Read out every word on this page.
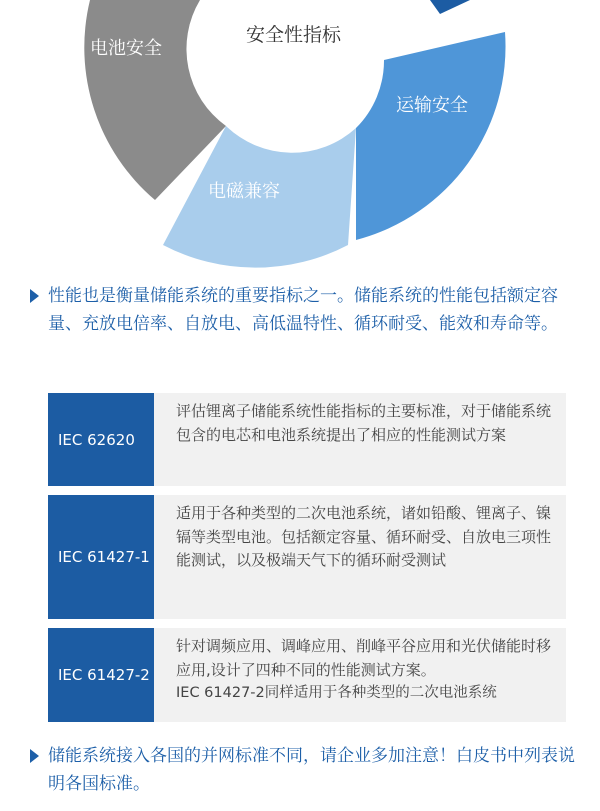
电池安全
电磁兼容
运输安全
安全性指标

性能也是衡量储能系统的重要指标之一。储能系统的性能包括额定容量、充放电倍率、自放电、高低温特性、循环耐受、能效和寿命等。

IEC 62620

评估锂离子储能系统性能指标的主要标准，对于储能系统包含的电芯和电池系统提出了相应的性能测试方案

IEC 61427-1

适用于各种类型的二次电池系统，诸如铅酸、锂离子、镍镉等类型电池。包括额定容量、循环耐受、自放电三项性能测试，以及极端天气下的循环耐受测试

IEC 61427-2

针对调频应用、调峰应用、削峰平谷应用和光伏储能时移应用,设计了四种不同的性能测试方案。

IEC 61427-2同样适用于各种类型的二次电池系统

储能系统接入各国的并网标准不同，请企业多加注意！白皮书中列表说明各国标准。
